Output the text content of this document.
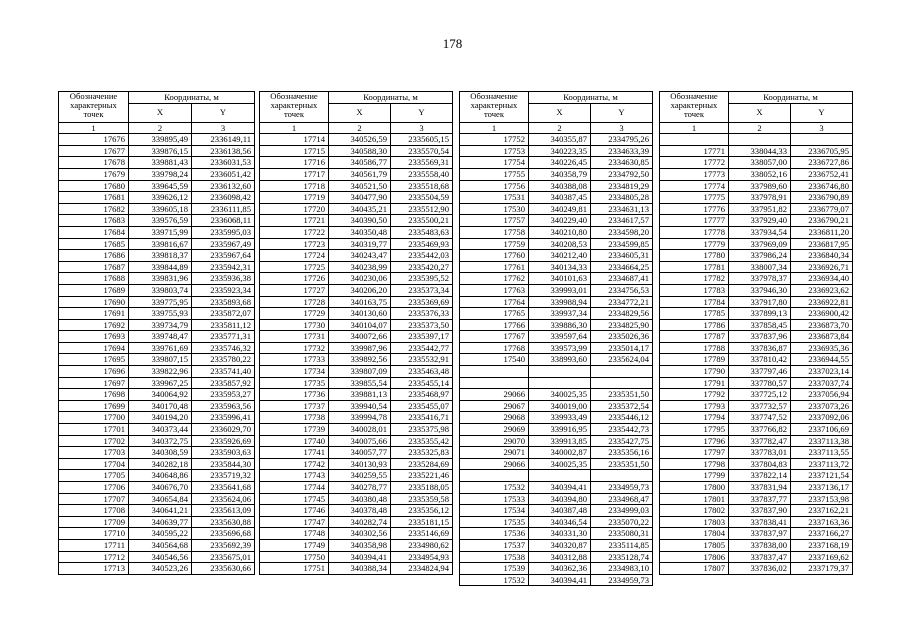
178
Обозначение характерных точек	Координаты, м	
	X	Y
1	2	3
17676	339895,49	2336149,11
17677	339876,15	2336138,56
17678	339881,43	2336031,53
17679	339798,24	2336051,42
17680	339645,59	2336132,60
17681	339626,12	2336098,42
17682	339605,18	2336111,85
17683	339576,59	2336068,11
17684	339715,99	2335995,03
17685	339816,67	2335967,49
17686	339818,37	2335967,64
17687	339844,89	2335942,31
17688	339831,96	2335936,38
17689	339803,74	2335923,34
17690	339775,95	2335893,68
17691	339755,93	2335872,07
17692	339734,79	2335811,12
17693	339748,47	2335771,31
17694	339761,69	2335746,32
17695	339807,15	2335780,22
17696	339822,96	2335741,40
17697	339967,25	2335857,92
17698	340064,92	2335953,27
17699	340170,48	2335963,56
17700	340194,20	2335996,41
17701	340373,44	2336029,70
17702	340372,75	2335926,69
17703	340308,59	2335903,63
17704	340282,18	2335844,30
17705	340648,86	2335719,32
17706	340676,70	2335641,68
17707	340654,84	2335624,06
17708	340641,21	2335613,09
17709	340639,77	2335630,88
17710	340595,22	2335696,68
17711	340564,68	2335692,39
17712	340546,56	2335675,01
17713	340523,26	2335630,66
Обозначение характерных точек	Координаты, м	
	X	Y
1	2	3
17714	340526,59	2335605,15
17715	340588,30	2335570,54
17716	340586,77	2335569,31
17717	340561,79	2335558,40
17718	340521,50	2335518,68
17719	340477,90	2335504,59
17720	340435,21	2335512,90
17721	340390,50	2335500,21
17722	340350,48	2335483,63
17723	340319,77	2335469,93
17724	340243,47	2335442,03
17725	340238,99	2335420,27
17726	340230,06	2335395,52
17727	340206,20	2335373,34
17728	340163,75	2335369,69
17729	340130,60	2335376,33
17730	340104,07	2335373,50
17731	340072,66	2335397,17
17732	339987,96	2335442,77
17733	339892,56	2335532,91
17734	339807,09	2335463,48
17735	339855,54	2335455,14
17736	339881,13	2335468,97
17737	339940,54	2335455,07
17738	339994,78	2335416,71
17739	340028,01	2335375,98
17740	340075,66	2335355,42
17741	340057,77	2335325,83
17742	340130,93	2335284,69
17743	340259,55	2335221,46
17744	340278,77	2335188,05
17745	340380,48	2335359,58
17746	340378,48	2335356,12
17747	340282,74	2335181,15
17748	340302,56	2335146,69
17749	340358,98	2334980,62
17750	340394,41	2334954,93
17751	340388,34	2334824,94
Обозначение характерных точек	Координаты, м	
	X	Y
1	2	3
17752	340355,87	2334795,26
17753	340223,35	2334633,39
17754	340226,45	2334630,85
17755	340358,79	2334792,50
17756	340388,08	2334819,29
17531	340387,45	2334805,28
17530	340249,81	2334631,13
17757	340229,40	2334617,57
17758	340210,80	2334598,20
17759	340208,53	2334599,85
17760	340212,40	2334605,31
17761	340134,33	2334664,25
17762	340101,63	2334687,41
17763	339993,01	2334756,53
17764	339988,94	2334772,21
17765	339937,34	2334829,56
17766	339886,30	2334825,90
17767	339597,64	2335026,36
17768	339573,99	2335014,17
17540	338993,60	2335624,04

29066	340025,35	2335351,50
29067	340019,00	2335372,54
29068	339933,49	2335446,12
29069	339916,95	2335442,73
29070	339913,85	2335427,75
29071	340002,87	2335356,16
29066	340025,35	2335351,50

17532	340394,41	2334959,73
17533	340394,80	2334968,47
17534	340387,48	2334999,03
17535	340346,54	2335070,22
17536	340331,30	2335080,31
17537	340320,87	2335114,85
17538	340312,88	2335128,74
17539	340362,36	2334983,10
17532	340394,41	2334959,73
Обозначение характерных точек	Координаты, м	
	X	Y
1	2	3

17771	338044,33	2336705,95
17772	338057,00	2336727,86
17773	338052,16	2336752,41
17774	337989,60	2336746,80
17775	337978,91	2336790,89
17776	337951,82	2336779,07
17777	337929,40	2336790,21
17778	337934,54	2336811,20
17779	337969,09	2336817,95
17780	337986,24	2336840,34
17781	338007,34	2336926,71
17782	337978,37	2336934,40
17783	337946,30	2336923,62
17784	337917,80	2336922,81
17785	337899,13	2336900,42
17786	337858,45	2336873,70
17787	337837,96	2336873,84
17788	337836,87	2336935,36
17789	337810,42	2336944,55
17790	337797,46	2337023,14
17791	337780,57	2337037,74
17792	337725,12	2337056,94
17793	337732,57	2337073,26
17794	337747,52	2337092,06
17795	337766,82	2337106,69
17796	337782,47	2337113,38
17797	337783,01	2337113,55
17798	337804,83	2337113,72
17799	337822,14	2337121,54
17800	337831,94	2337136,17
17801	337837,77	2337153,98
17802	337837,90	2337162,21
17803	337838,41	2337163,36
17804	337837,97	2337166,27
17805	337838,00	2337168,19
17806	337837,47	2337169,62
17807	337836,02	2337179,37
